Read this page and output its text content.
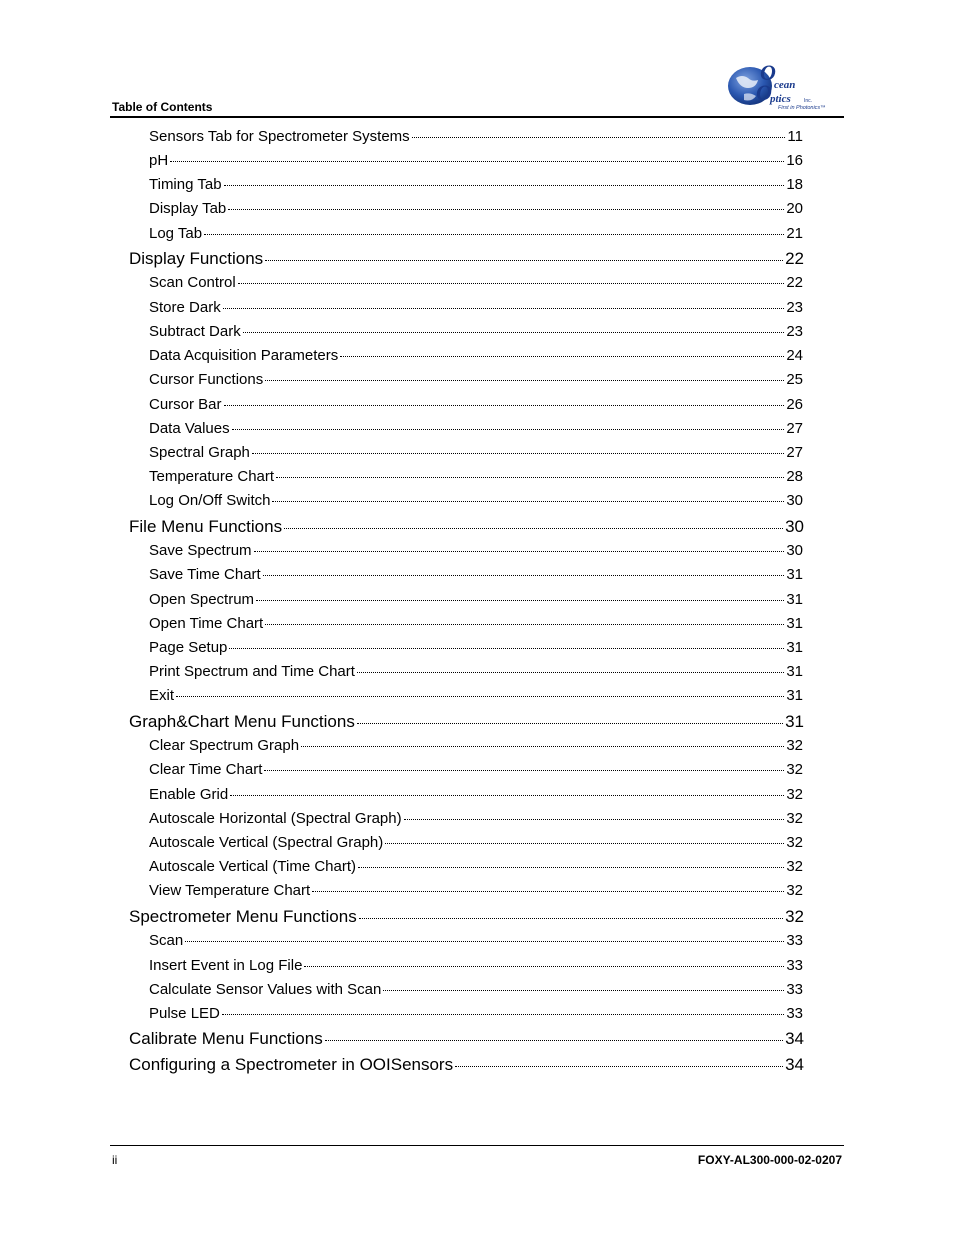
Table of Contents
O
cean
O
ptics	Inc.
First in Photonics™
Sensors Tab for Spectrometer Systems	11
pH	16
Timing Tab	18
Display Tab	20
Log Tab	21
Display Functions	22
Scan Control	22
Store Dark	23
Subtract Dark	23
Data Acquisition Parameters	24
Cursor Functions	25
Cursor Bar	26
Data Values	27
Spectral Graph	27
Temperature Chart	28
Log On/Off Switch	30
File Menu Functions	30
Save Spectrum	30
Save Time Chart	31
Open Spectrum	31
Open Time Chart	31
Page Setup	31
Print Spectrum and Time Chart	31
Exit	31
Graph&Chart Menu Functions	31
Clear Spectrum Graph	32
Clear Time Chart	32
Enable Grid	32
Autoscale Horizontal (Spectral Graph)	32
Autoscale Vertical (Spectral Graph)	32
Autoscale Vertical (Time Chart)	32
View Temperature Chart	32
Spectrometer Menu Functions	32
Scan	33
Insert Event in Log File	33
Calculate Sensor Values with Scan	33
Pulse LED	33
Calibrate Menu Functions	34
Configuring a Spectrometer in OOISensors	34
ii	FOXY-AL300-000-02-0207
